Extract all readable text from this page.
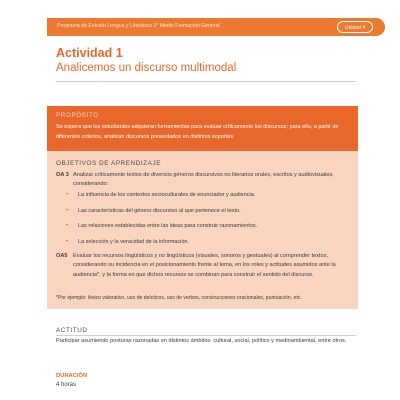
Programa de Estudio Lengua y Literatura 3° Medio Formación General	Unidad 4
Actividad 1
Analicemos un discurso multimodal
PROPÓSITO
Se espera que los estudiantes adquieran herramientas para evaluar críticamente los discursos; para ello, a partir de diferentes criterios, analizan discursos presentados en distintos soportes.
OBJETIVOS DE APRENDIZAJE
OA 3 Analizar críticamente textos de diversos géneros discursivos no literarios orales, escritos y audiovisuales, considerando:
• La influencia de los contextos socioculturales de enunciador y audiencia.
• Las características del género discursivo al que pertenece el texto.
• Las relaciones establecidas entre las ideas para construir razonamientos.
• La selección y la veracidad de la información.
OA5 Evaluar los recursos lingüísticos y no lingüísticos (visuales, sonoros y gestuales) al comprender textos, considerando su incidencia en el posicionamiento frente al tema, en los roles y actitudes asumidos ante la audiencia*, y la forma en que dichos recursos se combinan para construir el sentido del discurso.
*Por ejemplo: léxico valorativo, uso de deícticos, uso de verbos, construcciones oracionales, puntuación, etc.
ACTITUD
Participar asumiendo posturas razonadas en distintos ámbitos: cultural, social, político y medioambiental, entre otros.
DURACIÓN
4 horas
